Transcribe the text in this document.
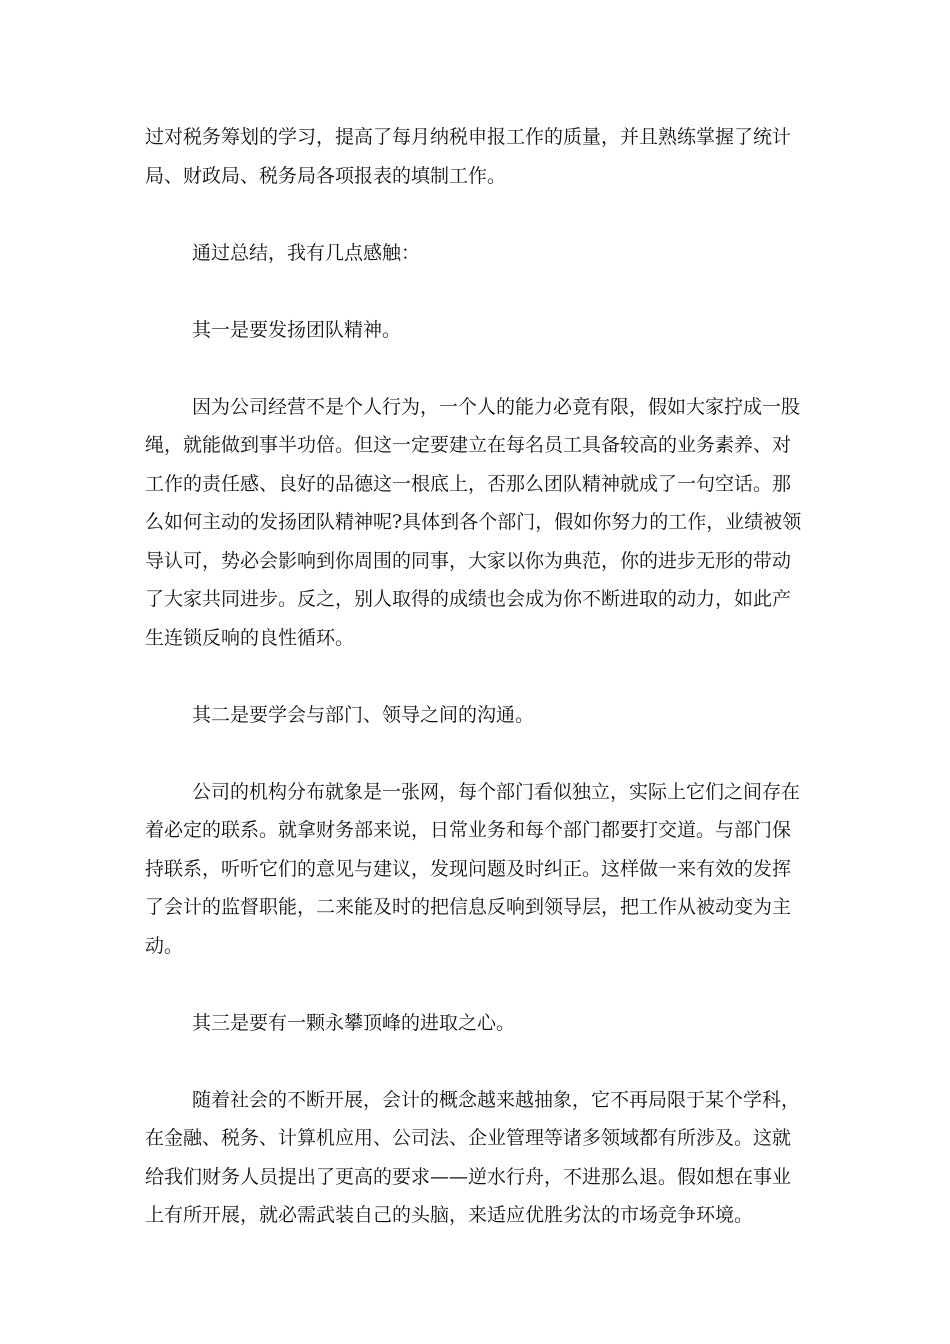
过对税务筹划的学习，提高了每月纳税申报工作的质量，并且熟练掌握了统计
局、财政局、税务局各项报表的填制工作。
通过总结，我有几点感触：
其一是要发扬团队精神。
因为公司经营不是个人行为，一个人的能力必竟有限，假如大家拧成一股
绳，就能做到事半功倍。但这一定要建立在每名员工具备较高的业务素养、对
工作的责任感、良好的品德这一根底上，否那么团队精神就成了一句空话。那
么如何主动的发扬团队精神呢?具体到各个部门，假如你努力的工作，业绩被领
导认可，势必会影响到你周围的同事，大家以你为典范，你的进步无形的带动
了大家共同进步。反之，别人取得的成绩也会成为你不断进取的动力，如此产
生连锁反响的良性循环。
其二是要学会与部门、领导之间的沟通。
公司的机构分布就象是一张网，每个部门看似独立，实际上它们之间存在
着必定的联系。就拿财务部来说，日常业务和每个部门都要打交道。与部门保
持联系，听听它们的意见与建议，发现问题及时纠正。这样做一来有效的发挥
了会计的监督职能，二来能及时的把信息反响到领导层，把工作从被动变为主
动。
其三是要有一颗永攀顶峰的进取之心。
随着社会的不断开展，会计的概念越来越抽象，它不再局限于某个学科，
在金融、税务、计算机应用、公司法、企业管理等诸多领域都有所涉及。这就
给我们财务人员提出了更高的要求——逆水行舟，不进那么退。假如想在事业
上有所开展，就必需武装自己的头脑，来适应优胜劣汰的市场竞争环境。
